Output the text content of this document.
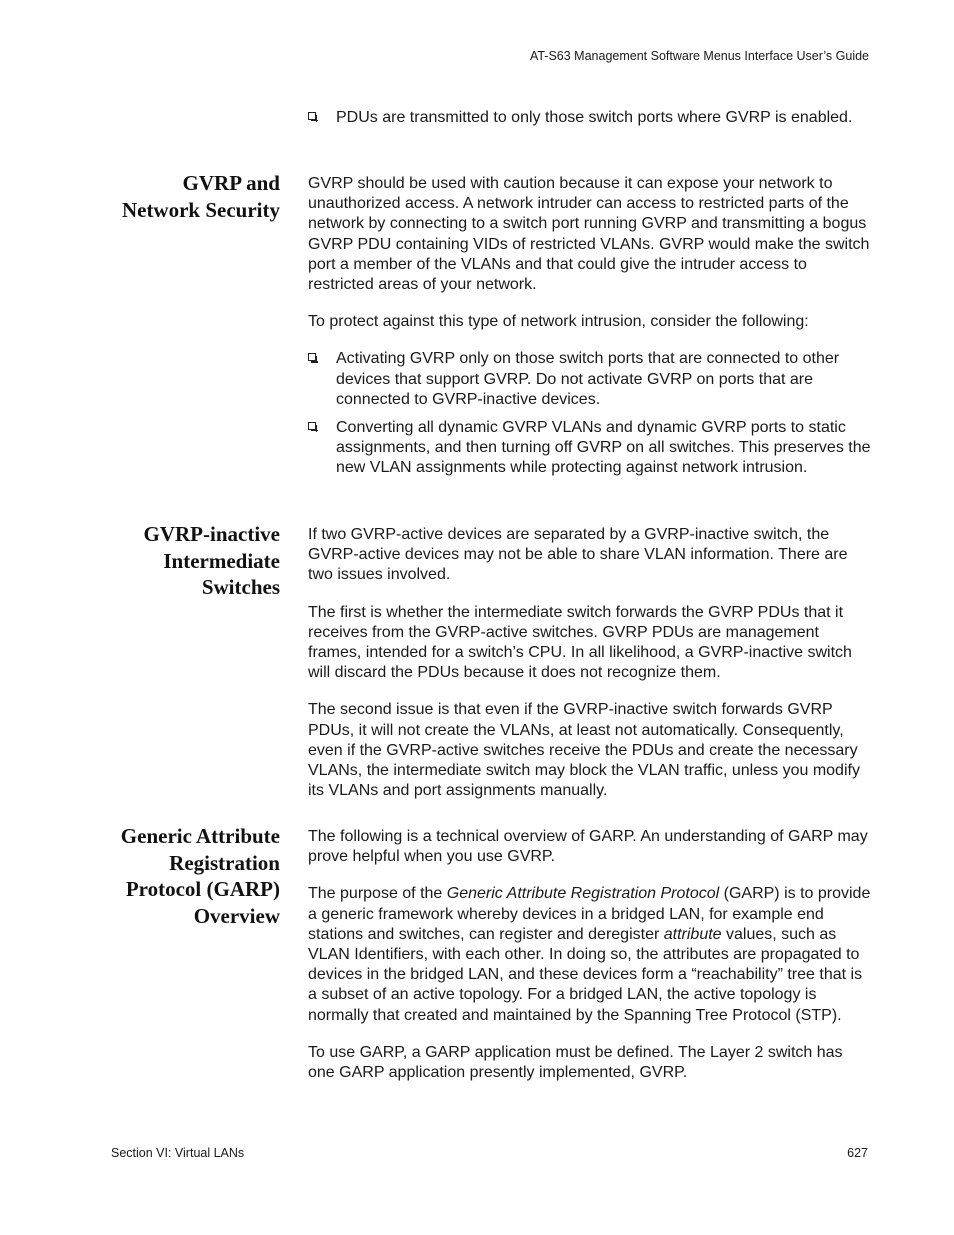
AT-S63 Management Software Menus Interface User’s Guide
PDUs are transmitted to only those switch ports where GVRP is enabled.
GVRP and
Network Security

GVRP should be used with caution because it can expose your network to unauthorized access. A network intruder can access to restricted parts of the network by connecting to a switch port running GVRP and transmitting a bogus GVRP PDU containing VIDs of restricted VLANs. GVRP would make the switch port a member of the VLANs and that could give the intruder access to restricted areas of your network.

To protect against this type of network intrusion, consider the following:

Activating GVRP only on those switch ports that are connected to other devices that support GVRP. Do not activate GVRP on ports that are connected to GVRP-inactive devices.
Converting all dynamic GVRP VLANs and dynamic GVRP ports to static assignments, and then turning off GVRP on all switches. This preserves the new VLAN assignments while protecting against network intrusion.
GVRP-inactive
Intermediate
Switches

If two GVRP-active devices are separated by a GVRP-inactive switch, the GVRP-active devices may not be able to share VLAN information. There are two issues involved.

The first is whether the intermediate switch forwards the GVRP PDUs that it receives from the GVRP-active switches. GVRP PDUs are management frames, intended for a switch’s CPU. In all likelihood, a GVRP-inactive switch will discard the PDUs because it does not recognize them.

The second issue is that even if the GVRP-inactive switch forwards GVRP PDUs, it will not create the VLANs, at least not automatically. Consequently, even if the GVRP-active switches receive the PDUs and create the necessary VLANs, the intermediate switch may block the VLAN traffic, unless you modify its VLANs and port assignments manually.

Generic Attribute
Registration
Protocol (GARP)
Overview

The following is a technical overview of GARP. An understanding of GARP may prove helpful when you use GVRP.

The purpose of the Generic Attribute Registration Protocol (GARP) is to provide a generic framework whereby devices in a bridged LAN, for example end stations and switches, can register and deregister attribute values, such as VLAN Identifiers, with each other. In doing so, the attributes are propagated to devices in the bridged LAN, and these devices form a “reachability” tree that is a subset of an active topology. For a bridged LAN, the active topology is normally that created and maintained by the Spanning Tree Protocol (STP).

To use GARP, a GARP application must be defined. The Layer 2 switch has one GARP application presently implemented, GVRP.

Section VI: Virtual LANs	627
